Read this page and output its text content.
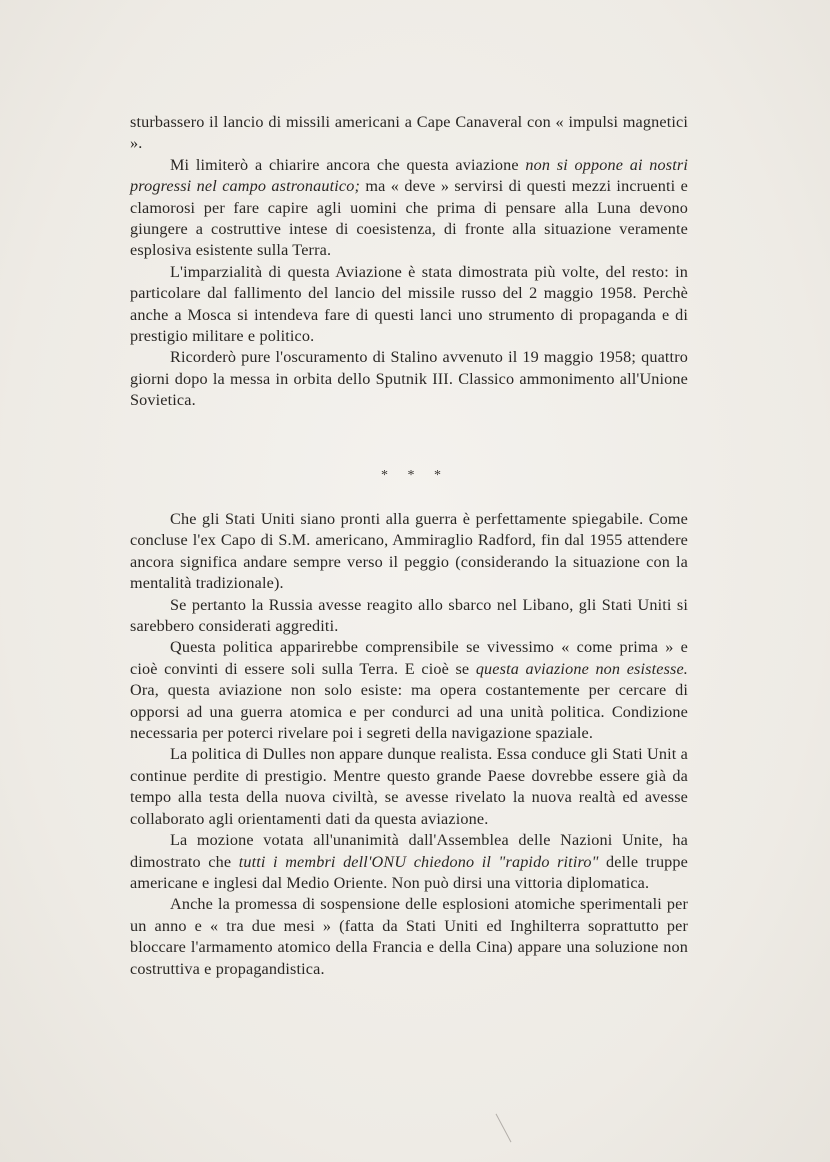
sturbassero il lancio di missili americani a Cape Canaveral con « impulsi magnetici ».

Mi limiterò a chiarire ancora che questa aviazione non si oppone ai nostri progressi nel campo astronautico; ma « deve » servirsi di questi mezzi incruenti e clamorosi per fare capire agli uomini che prima di pensare alla Luna devono giungere a costruttive intese di coesistenza, di fronte alla situazione veramente esplosiva esistente sulla Terra.

L'imparzialità di questa Aviazione è stata dimostrata più volte, del resto: in particolare dal fallimento del lancio del missile russo del 2 maggio 1958. Perchè anche a Mosca si intendeva fare di questi lanci uno strumento di propaganda e di prestigio militare e politico.

Ricorderò pure l'oscuramento di Stalino avvenuto il 19 maggio 1958; quattro giorni dopo la messa in orbita dello Sputnik III. Classico ammonimento all'Unione Sovietica.

* * *

Che gli Stati Uniti siano pronti alla guerra è perfettamente spiegabile. Come concluse l'ex Capo di S.M. americano, Ammiraglio Radford, fin dal 1955 attendere ancora significa andare sempre verso il peggio (considerando la situazione con la mentalità tradizionale).

Se pertanto la Russia avesse reagito allo sbarco nel Libano, gli Stati Uniti si sarebbero considerati aggrediti.

Questa politica apparirebbe comprensibile se vivessimo « come prima » e cioè convinti di essere soli sulla Terra. E cioè se questa aviazione non esistesse. Ora, questa aviazione non solo esiste: ma opera costantemente per cercare di opporsi ad una guerra atomica e per condurci ad una unità politica. Condizione necessaria per poterci rivelare poi i segreti della navigazione spaziale.

La politica di Dulles non appare dunque realista. Essa conduce gli Stati Unit a continue perdite di prestigio. Mentre questo grande Paese dovrebbe essere già da tempo alla testa della nuova civiltà, se avesse rivelato la nuova realtà ed avesse collaborato agli orientamenti dati da questa aviazione.

La mozione votata all'unanimità dall'Assemblea delle Nazioni Unite, ha dimostrato che tutti i membri dell'ONU chiedono il "rapido ritiro" delle truppe americane e inglesi dal Medio Oriente. Non può dirsi una vittoria diplomatica.

Anche la promessa di sospensione delle esplosioni atomiche sperimentali per un anno e « tra due mesi » (fatta da Stati Uniti ed Inghilterra soprattutto per bloccare l'armamento atomico della Francia e della Cina) appare una soluzione non costruttiva e propagandistica.
